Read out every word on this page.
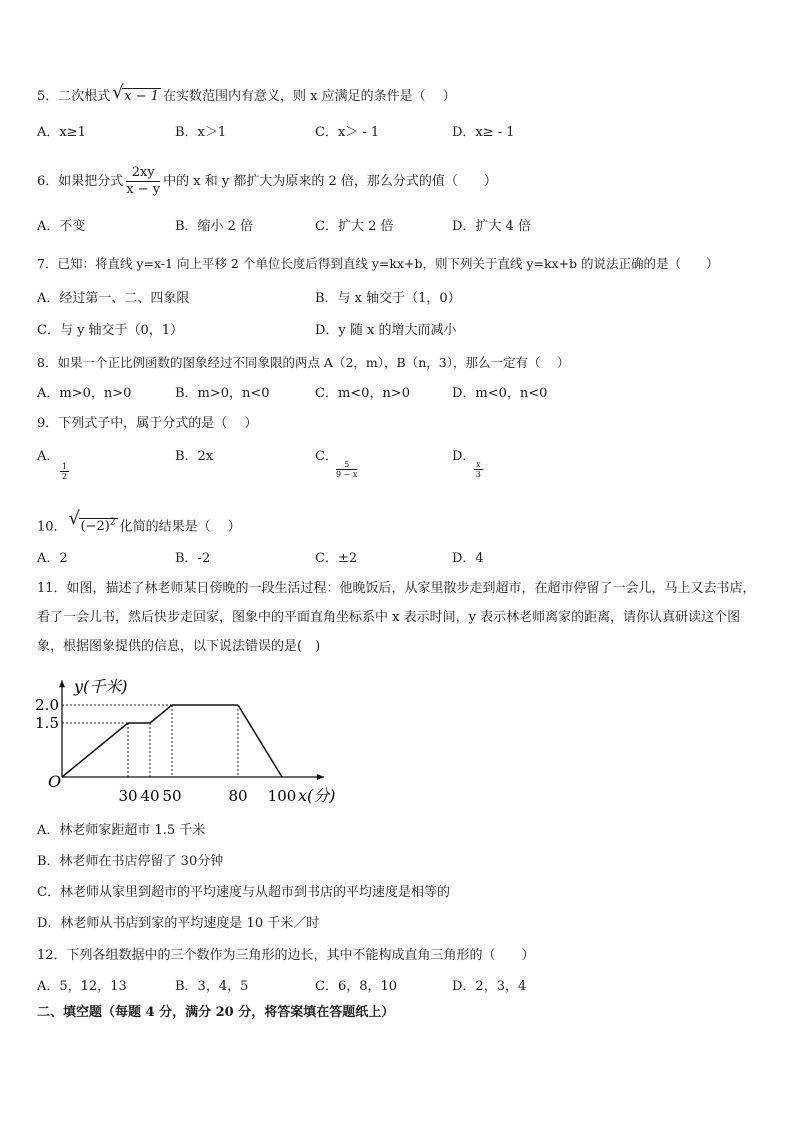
5．二次根式 √ x − 1 在实数范围内有意义，则 x 应满足的条件是（　 ）
A．x≥1	B．x＞1	C．x＞ - 1	D．x≥ - 1
6．如果把分式 $\frac{2xy}{x - y}$ 中的 x 和 y 都扩大为原来的 2 倍，那么分式的值（　　）
A．不变	B．缩小 2 倍	C．扩大 2 倍	D．扩大 4 倍
7．已知：将直线 y=x-1 向上平移 2 个单位长度后得到直线 y=kx+b，则下列关于直线 y=kx+b 的说法正确的是（　　）
A．经过第一、二、四象限	B．与 x 轴交于（1，0）
C．与 y 轴交于（0，1）	D．y 随 x 的增大而减小
8．如果一个正比例函数的图象经过不同象限的两点 A（2，m），B（n，3），那么一定有（　 ）
A．m>0，n>0	B．m>0，n<0	C．m<0，n>0	D．m<0，n<0
9．下列式子中，属于分式的是（　 ）
A．
$\frac{1}{2}$
B．2x	C．
$\frac{5}{9 - x}$
D．
$\frac{x}{3}$
10． √ $(-2)^2$ 化简的结果是（　 ）
A．2	B．-2	C．±2	D．4
11．如图，描述了林老师某日傍晚的一段生活过程：他晚饭后，从家里散步走到超市，在超市停留了一会儿，马上又去书店，看了一会儿书，然后快步走回家，图象中的平面直角坐标系中 x 表示时间，y 表示林老师离家的距离，请你认真研读这个图象，根据图象提供的信息，以下说法错误的是(　)
y(千米)
x(分)
O
1.5
2.0
30 40 50	80 100
A．林老师家距超市 1.5 千米
B．林老师在书店停留了 30分钟
C．林老师从家里到超市的平均速度与从超市到书店的平均速度是相等的
D．林老师从书店到家的平均速度是 10 千米／时
12．下列各组数据中的三个数作为三角形的边长，其中不能构成直角三角形的（　　）
A．5，12，13	B．3，4，5	C．6，8，10	D．2，3，4
二、填空题（每题 4 分，满分 20 分，将答案填在答题纸上）
